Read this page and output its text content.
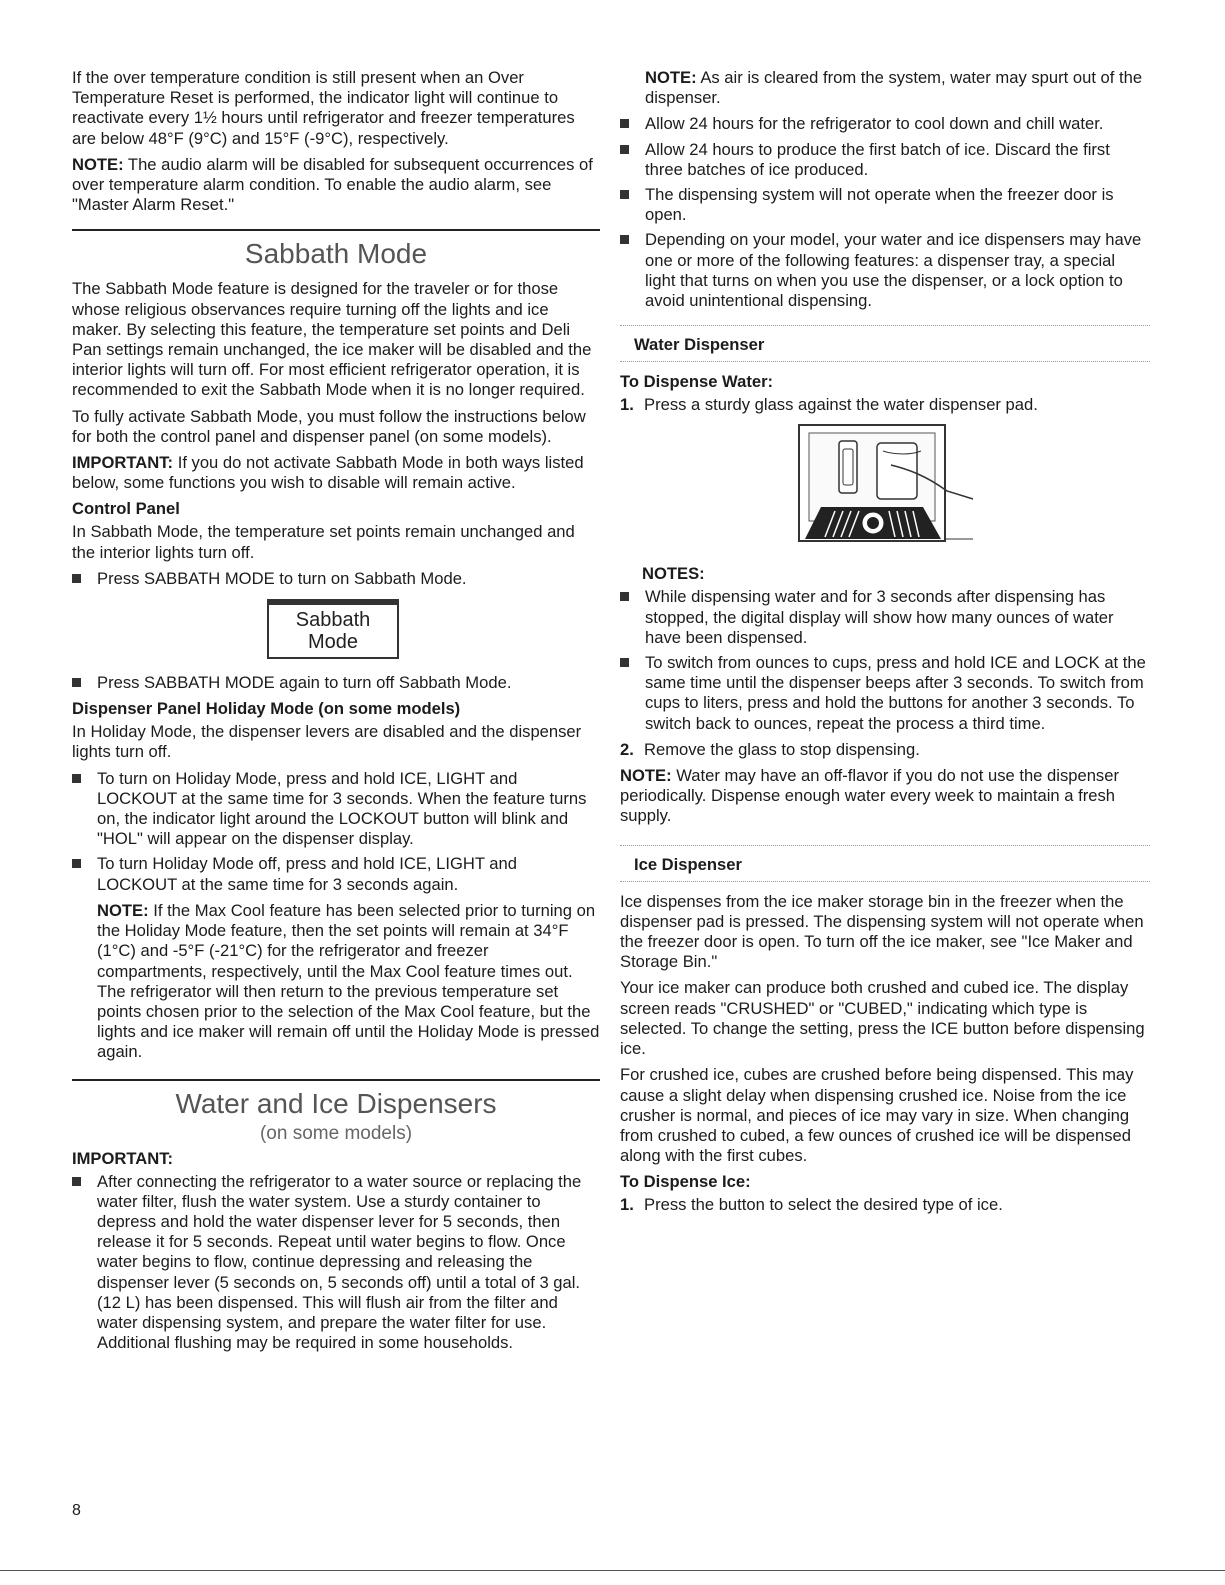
If the over temperature condition is still present when an Over Temperature Reset is performed, the indicator light will continue to reactivate every 1½ hours until refrigerator and freezer temperatures are below 48°F (9°C) and 15°F (-9°C), respectively.

NOTE: The audio alarm will be disabled for subsequent occurrences of over temperature alarm condition. To enable the audio alarm, see "Master Alarm Reset."

Sabbath Mode

The Sabbath Mode feature is designed for the traveler or for those whose religious observances require turning off the lights and ice maker. By selecting this feature, the temperature set points and Deli Pan settings remain unchanged, the ice maker will be disabled and the interior lights will turn off. For most efficient refrigerator operation, it is recommended to exit the Sabbath Mode when it is no longer required.

To fully activate Sabbath Mode, you must follow the instructions below for both the control panel and dispenser panel (on some models).

IMPORTANT: If you do not activate Sabbath Mode in both ways listed below, some functions you wish to disable will remain active.

Control Panel

In Sabbath Mode, the temperature set points remain unchanged and the interior lights turn off.

Press SABBATH MODE to turn on Sabbath Mode.
Sabbath
Mode
Press SABBATH MODE again to turn off Sabbath Mode.
Dispenser Panel Holiday Mode (on some models)

In Holiday Mode, the dispenser levers are disabled and the dispenser lights turn off.

To turn on Holiday Mode, press and hold ICE, LIGHT and LOCKOUT at the same time for 3 seconds. When the feature turns on, the indicator light around the LOCKOUT button will blink and "HOL" will appear on the dispenser display.
To turn Holiday Mode off, press and hold ICE, LIGHT and LOCKOUT at the same time for 3 seconds again.

NOTE: If the Max Cool feature has been selected prior to turning on the Holiday Mode feature, then the set points will remain at 34°F (1°C) and -5°F (-21°C) for the refrigerator and freezer compartments, respectively, until the Max Cool feature times out. The refrigerator will then return to the previous temperature set points chosen prior to the selection of the Max Cool feature, but the lights and ice maker will remain off until the Holiday Mode is pressed again.

Water and Ice Dispensers
(on some models)
IMPORTANT:
After connecting the refrigerator to a water source or replacing the water filter, flush the water system. Use a sturdy container to depress and hold the water dispenser lever for 5 seconds, then release it for 5 seconds. Repeat until water begins to flow. Once water begins to flow, continue depressing and releasing the dispenser lever (5 seconds on, 5 seconds off) until a total of 3 gal. (12 L) has been dispensed. This will flush air from the filter and water dispensing system, and prepare the water filter for use. Additional flushing may be required in some households.

NOTE: As air is cleared from the system, water may spurt out of the dispenser.

Allow 24 hours for the refrigerator to cool down and chill water.
Allow 24 hours to produce the first batch of ice. Discard the first three batches of ice produced.
The dispensing system will not operate when the freezer door is open.
Depending on your model, your water and ice dispensers may have one or more of the following features: a dispenser tray, a special light that turns on when you use the dispenser, or a lock option to avoid unintentional dispensing.
Water Dispenser
To Dispense Water:
1. Press a sturdy glass against the water dispenser pad.
NOTES:
While dispensing water and for 3 seconds after dispensing has stopped, the digital display will show how many ounces of water have been dispensed.
To switch from ounces to cups, press and hold ICE and LOCK at the same time until the dispenser beeps after 3 seconds. To switch from cups to liters, press and hold the buttons for another 3 seconds. To switch back to ounces, repeat the process a third time.
2. Remove the glass to stop dispensing.

NOTE: Water may have an off-flavor if you do not use the dispenser periodically. Dispense enough water every week to maintain a fresh supply.

Ice Dispenser

Ice dispenses from the ice maker storage bin in the freezer when the dispenser pad is pressed. The dispensing system will not operate when the freezer door is open. To turn off the ice maker, see "Ice Maker and Storage Bin."

Your ice maker can produce both crushed and cubed ice. The display screen reads "CRUSHED" or "CUBED," indicating which type is selected. To change the setting, press the ICE button before dispensing ice.

For crushed ice, cubes are crushed before being dispensed. This may cause a slight delay when dispensing crushed ice. Noise from the ice crusher is normal, and pieces of ice may vary in size. When changing from crushed to cubed, a few ounces of crushed ice will be dispensed along with the first cubes.

To Dispense Ice:
1. Press the button to select the desired type of ice.
8
